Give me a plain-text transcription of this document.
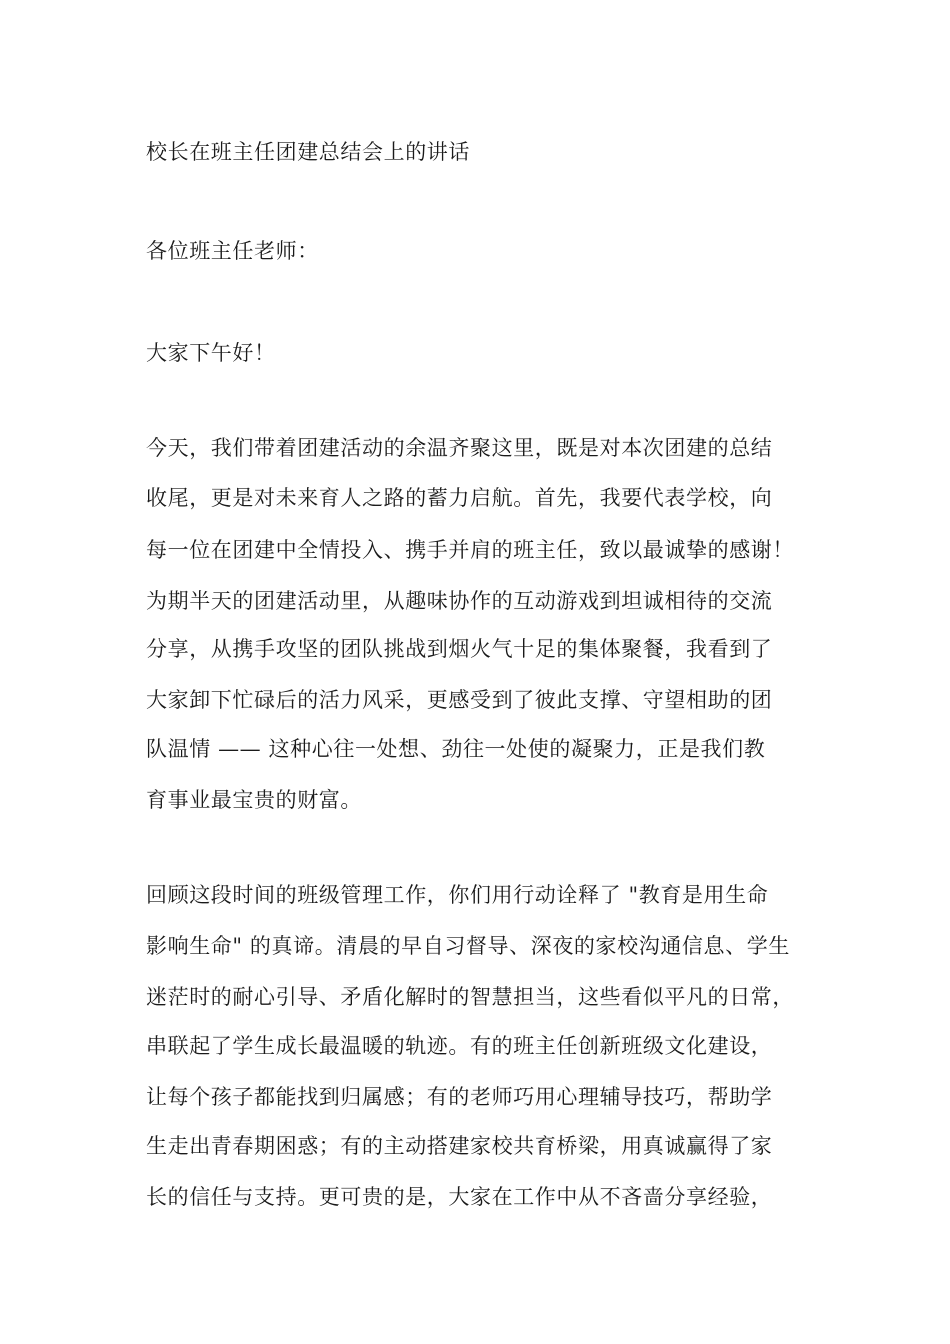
校长在班主任团建总结会上的讲话
各位班主任老师：
大家下午好！
今天，我们带着团建活动的余温齐聚这里，既是对本次团建的总结
收尾，更是对未来育人之路的蓄力启航。首先，我要代表学校，向
每一位在团建中全情投入、携手并肩的班主任，致以最诚挚的感谢！
为期半天的团建活动里，从趣味协作的互动游戏到坦诚相待的交流
分享，从携手攻坚的团队挑战到烟火气十足的集体聚餐，我看到了
大家卸下忙碌后的活力风采，更感受到了彼此支撑、守望相助的团
队温情 —— 这种心往一处想、劲往一处使的凝聚力，正是我们教
育事业最宝贵的财富。
回顾这段时间的班级管理工作，你们用行动诠释了 "教育是用生命
影响生命" 的真谛。清晨的早自习督导、深夜的家校沟通信息、学生
迷茫时的耐心引导、矛盾化解时的智慧担当，这些看似平凡的日常，
串联起了学生成长最温暖的轨迹。有的班主任创新班级文化建设，
让每个孩子都能找到归属感；有的老师巧用心理辅导技巧，帮助学
生走出青春期困惑；有的主动搭建家校共育桥梁，用真诚赢得了家
长的信任与支持。更可贵的是，大家在工作中从不吝啬分享经验，
